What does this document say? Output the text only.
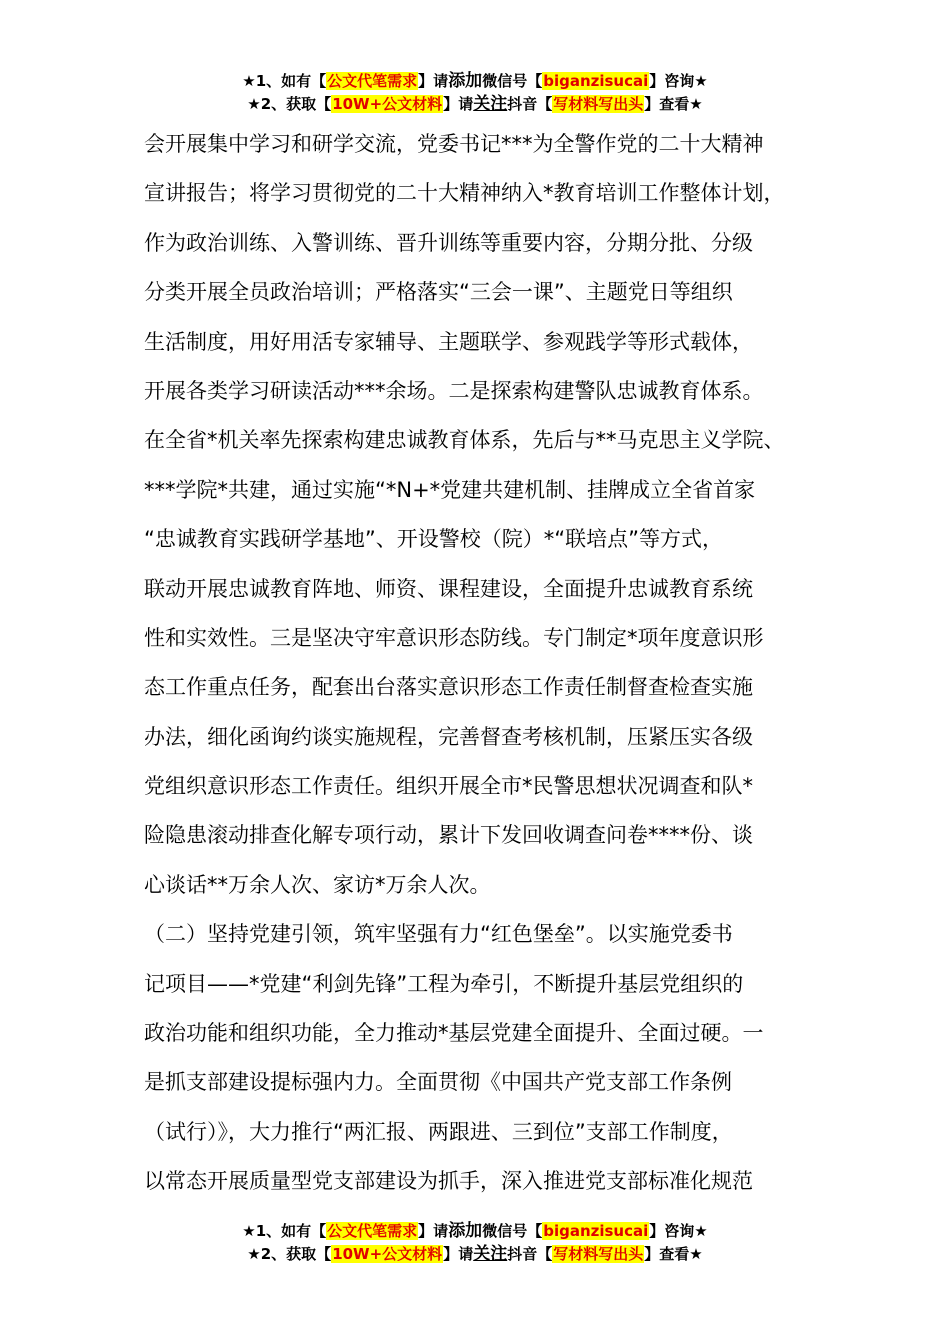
★1、如有【公文代笔需求】请添加微信号【biganzisucai】咨询★
★2、获取【10W+公文材料】请关注抖音【写材料写出头】查看★
会开展集中学习和研学交流，党委书记***为全警作党的二十大精神
宣讲报告；将学习贯彻党的二十大精神纳入*教育培训工作整体计划，
作为政治训练、入警训练、晋升训练等重要内容，分期分批、分级
分类开展全员政治培训；严格落实“三会一课”、主题党日等组织
生活制度，用好用活专家辅导、主题联学、参观践学等形式载体，
开展各类学习研读活动***余场。二是探索构建警队忠诚教育体系。
在全省*机关率先探索构建忠诚教育体系，先后与**马克思主义学院、
***学院*共建，通过实施“*N+*党建共建机制、挂牌成立全省首家
“忠诚教育实践研学基地”、开设警校（院）*“联培点”等方式，
联动开展忠诚教育阵地、师资、课程建设，全面提升忠诚教育系统
性和实效性。三是坚决守牢意识形态防线。专门制定*项年度意识形
态工作重点任务，配套出台落实意识形态工作责任制督查检查实施
办法，细化函询约谈实施规程，完善督查考核机制，压紧压实各级
党组织意识形态工作责任。组织开展全市*民警思想状况调查和队*
险隐患滚动排查化解专项行动，累计下发回收调查问卷****份、谈
心谈话**万余人次、家访*万余人次。
（二）坚持党建引领，筑牢坚强有力“红色堡垒”。以实施党委书
记项目——*党建“利剑先锋”工程为牵引，不断提升基层党组织的
政治功能和组织功能，全力推动*基层党建全面提升、全面过硬。一
是抓支部建设提标强内力。全面贯彻《中国共产党支部工作条例
（试行）》，大力推行“两汇报、两跟进、三到位”支部工作制度，
以常态开展质量型党支部建设为抓手，深入推进党支部标准化规范
★1、如有【公文代笔需求】请添加微信号【biganzisucai】咨询★
★2、获取【10W+公文材料】请关注抖音【写材料写出头】查看★
